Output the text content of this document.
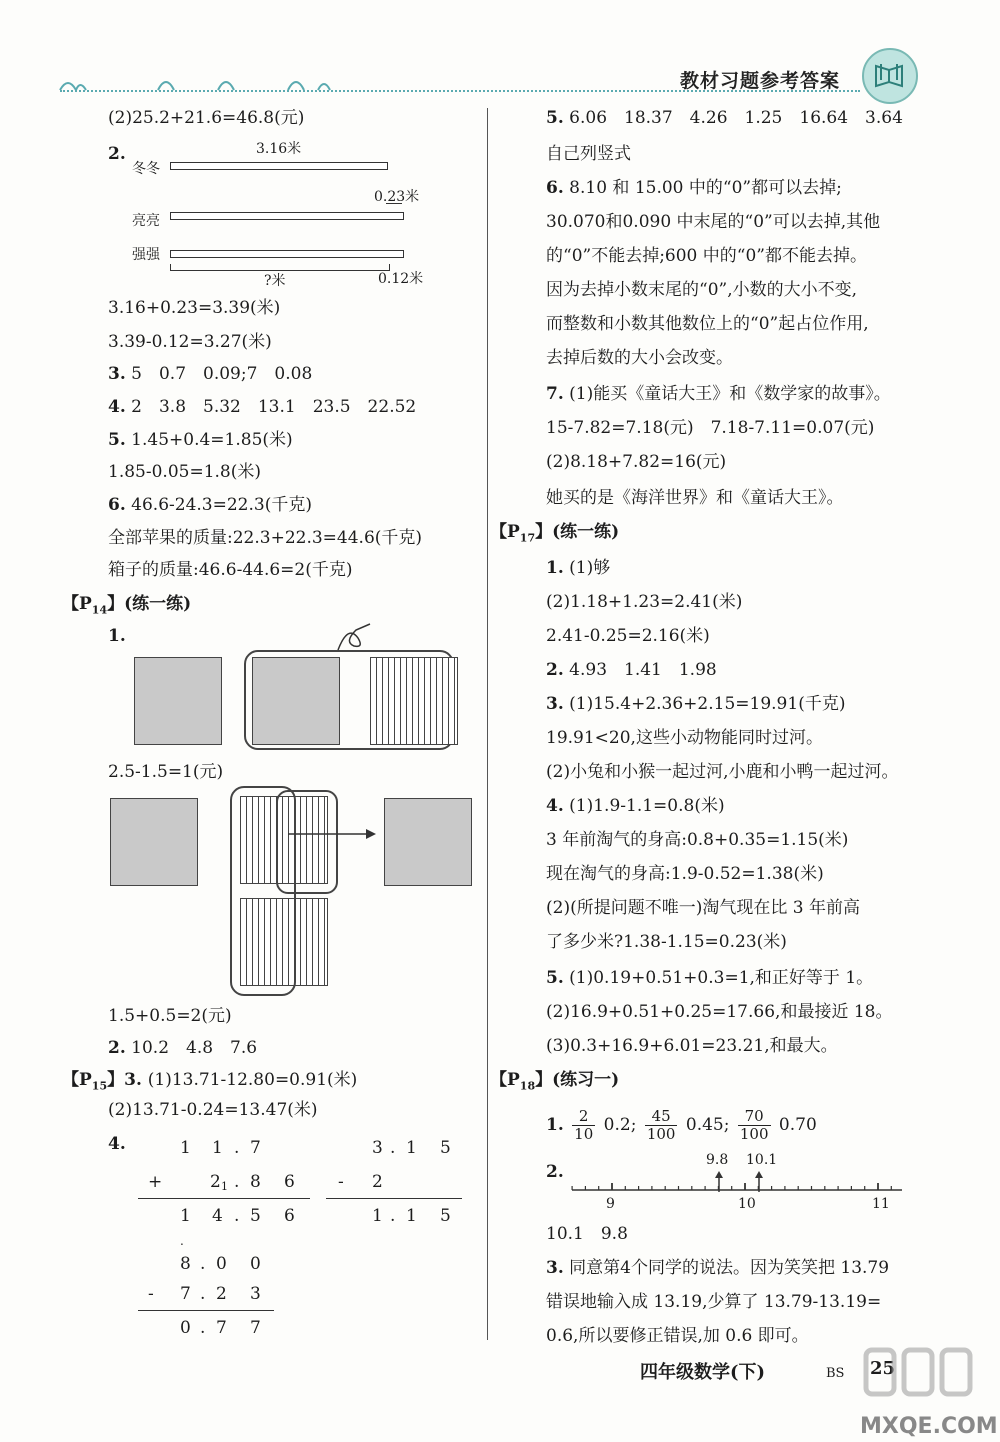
教材习题参考答案
(2)25.2+21.6=46.8(元)
2.	3.16米
冬冬
0.23米
亮亮
强强
?米	0.12米
3.16+0.23=3.39(米)
3.39-0.12=3.27(米)
3. 5　0.7　0.09;7　0.08
4. 2　3.8　5.32　13.1　23.5　22.52
5. 1.45+0.4=1.85(米)
1.85-0.05=1.8(米)
6. 46.6-24.3=22.3(千克)
全部苹果的质量:22.3+22.3=44.6(千克)
箱子的质量:46.6-44.6=2(千克)
【$P_{14}$】(练一练)
1.
2.5-1.5=1(元)
1.5+0.5=2(元)
2. 10.2　4.8　7.6
【$P_{15}$】3. (1)13.71-12.80=0.91(米)
(2)13.71-0.24=13.47(米)
4.	1 1 . 7
+	2 1 . 8 6
1 4 . 5 6
3 . 1 5
- 2
1 . 1 5
.
8 . 0 0
- 7 . 2 3
0 . 7 7
5. 6.06　18.37　4.26　1.25　16.64　3.64
自己列竖式
6. 8.10 和 15.00 中的“0”都可以去掉;
30.070和0.090 中末尾的“0”可以去掉,其他
的“0”不能去掉;600 中的“0”都不能去掉。
因为去掉小数末尾的“0”,小数的大小不变,
而整数和小数其他数位上的“0”起占位作用,
去掉后数的大小会改变。
7. (1)能买《童话大王》和《数学家的故事》。
15-7.82=7.18(元)　7.18-7.11=0.07(元)
(2)8.18+7.82=16(元)
她买的是《海洋世界》和《童话大王》。
【$P_{17}$】(练一练)
1. (1)够
(2)1.18+1.23=2.41(米)
2.41-0.25=2.16(米)
2. 4.93　1.41　1.98
3. (1)15.4+2.36+2.15=19.91(千克)
19.91<20,这些小动物能同时过河。
(2)小兔和小猴一起过河,小鹿和小鸭一起过河。
4. (1)1.9-1.1=0.8(米)
3 年前淘气的身高:0.8+0.35=1.15(米)
现在淘气的身高:1.9-0.52=1.38(米)
(2)(所提问题不唯一)淘气现在比 3 年前高
了多少米?1.38-1.15=0.23(米)
5. (1)0.19+0.51+0.3=1,和正好等于 1。
(2)16.9+0.51+0.25=17.66,和最接近 18。
(3)0.3+16.9+6.01=23.21,和最大。
【$P_{18}$】(练习一)
1. $\frac{2}{10} 0.2$; $\frac{45}{100} 0.45$; $\frac{70}{100} 0.70$
2.
9.8 10.1
9	10	11
10.1　9.8
3. 同意第4个同学的说法。因为笑笑把 13.79
错误地输入成 13.19,少算了 13.79-13.19=
0.6,所以要修正错误,加 0.6 即可。
四年级数学(下)	BS 25
MXQE.COM
